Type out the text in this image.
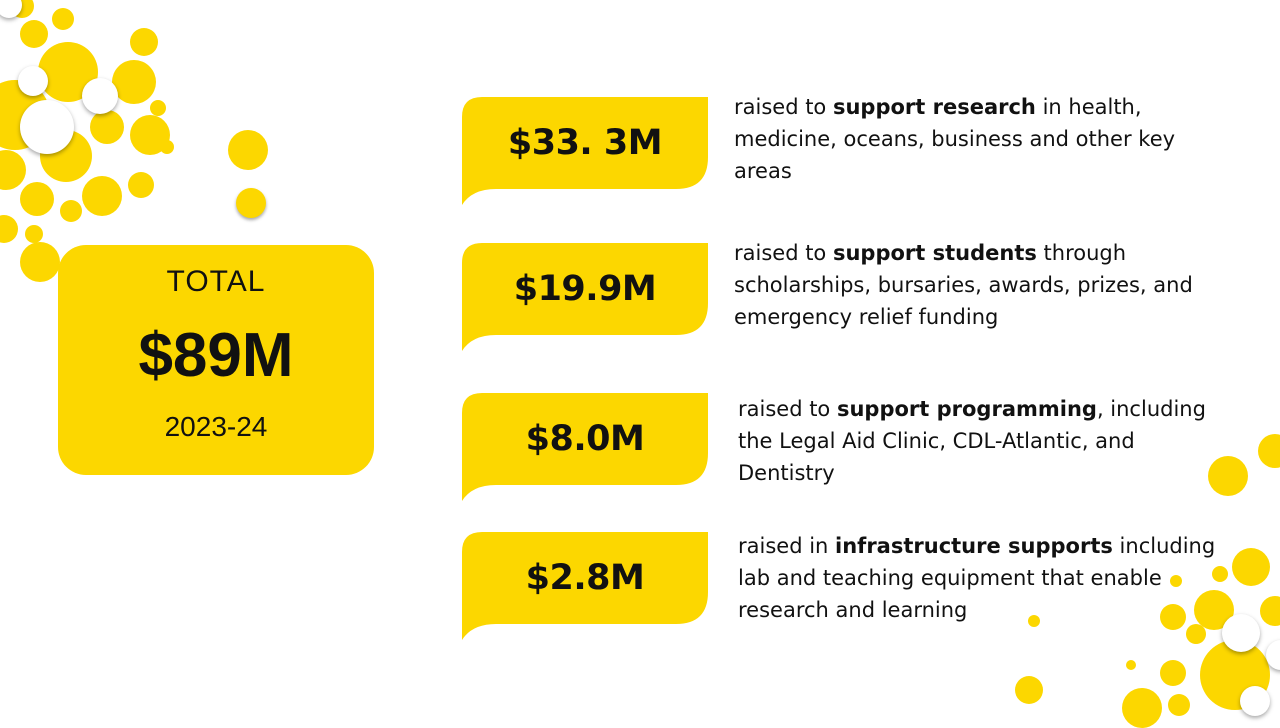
TOTAL
$89M
2023-24
$33. 3M
raised to support research in health, medicine, oceans, business and other key areas
$19.9M
raised to support students through scholarships, bursaries, awards, prizes, and emergency relief funding
$8.0M
raised to support programming, including the Legal Aid Clinic, CDL-Atlantic, and Dentistry
$2.8M
raised in infrastructure supports including lab and teaching equipment that enable research and learning
